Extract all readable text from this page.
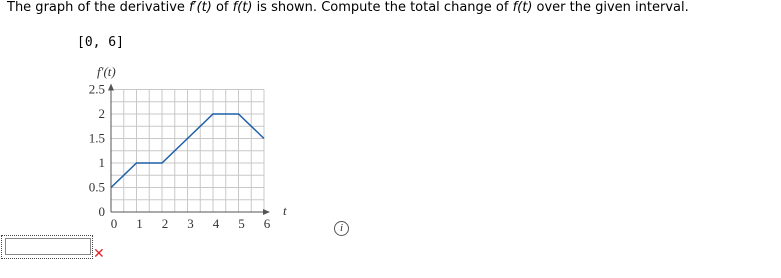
The graph of the derivative f′(t) of f(t) is shown. Compute the total change of f(t) over the given interval.
[0, 6]
0
0.5
1
1.5
2
2.5
0 1 2 3 4 5 6
f′(t)
t
i
✕
